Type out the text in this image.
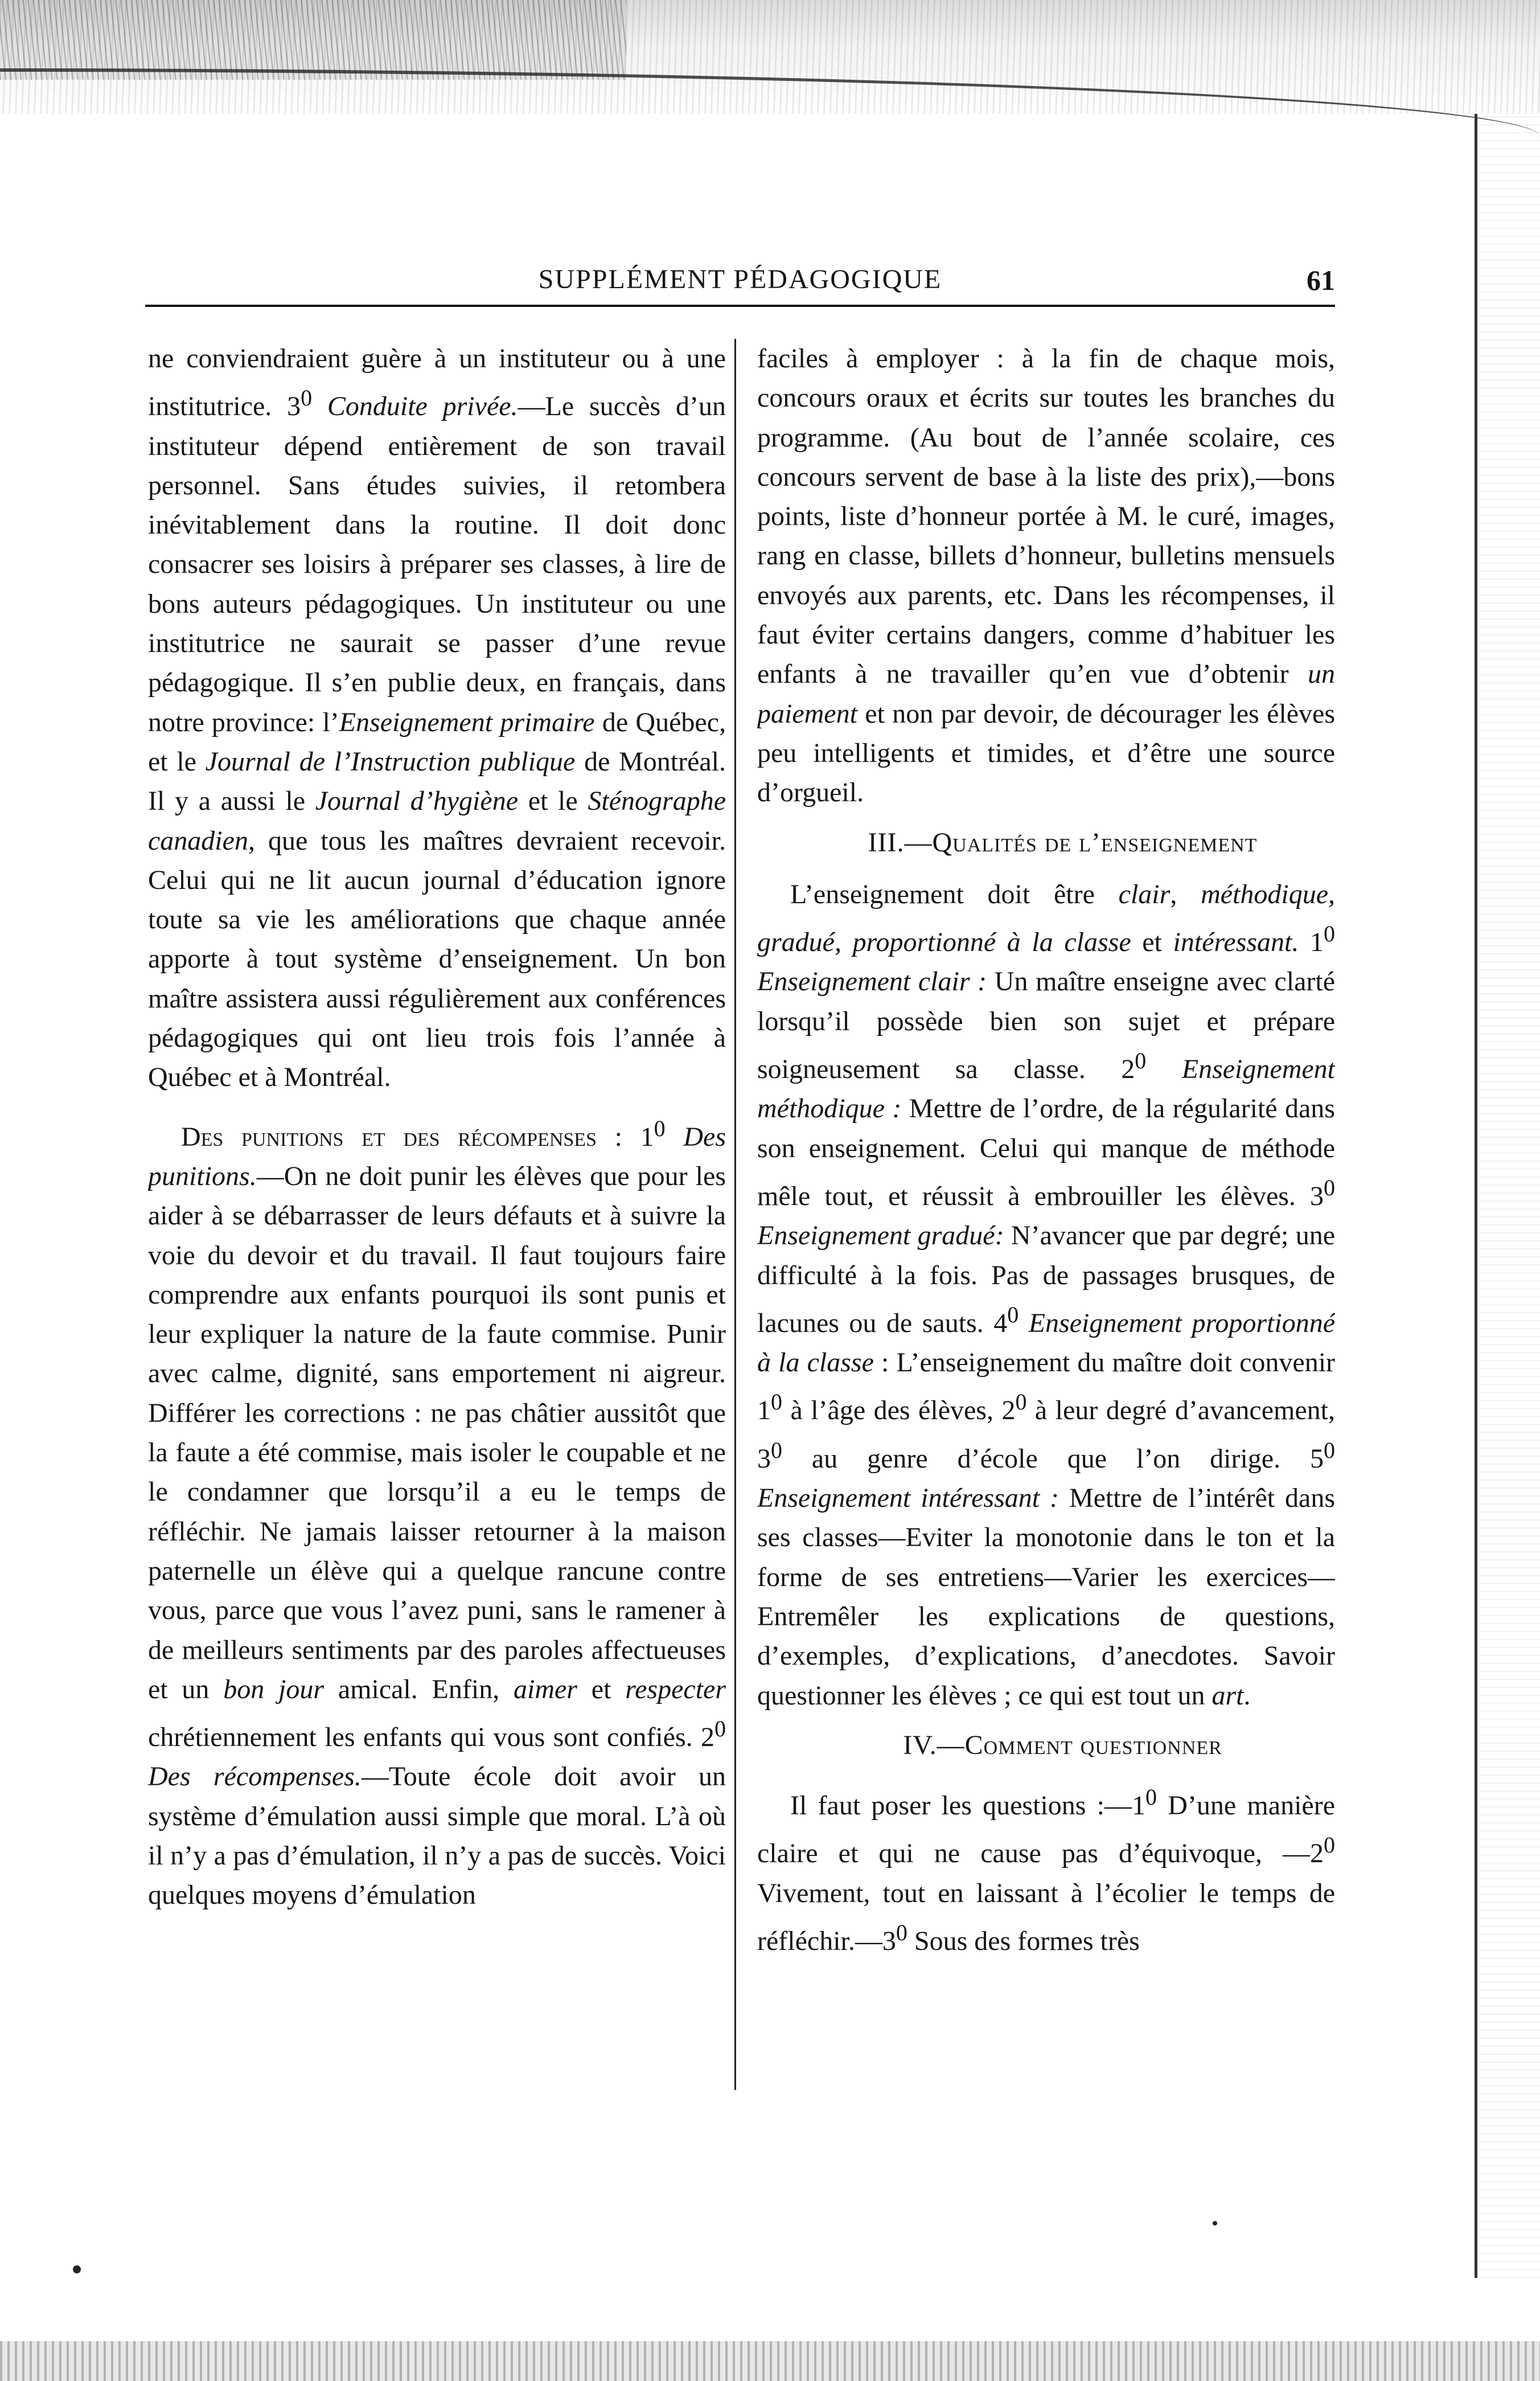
SUPPLÉMENT PÉDAGOGIQUE	61

ne conviendraient guère à un instituteur ou à une institutrice. $3^0$ Conduite privée.—Le succès d’un instituteur dépend entièrement de son travail personnel. Sans études suivies, il retombera inévitablement dans la routine. Il doit donc consacrer ses loisirs à préparer ses classes, à lire de bons auteurs pédagogiques. Un instituteur ou une institutrice ne saurait se passer d’une revue pédagogique. Il s’en publie deux, en français, dans notre province: l’Enseignement primaire de Québec, et le Journal de l’Instruction publique de Montréal. Il y a aussi le Journal d’hygiène et le Sténographe canadien, que tous les maîtres devraient recevoir. Celui qui ne lit aucun journal d’éducation ignore toute sa vie les améliorations que chaque année apporte à tout système d’enseignement. Un bon maître assistera aussi régulièrement aux conférences pédagogiques qui ont lieu trois fois l’année à Québec et à Montréal.

Des punitions et des récompenses : $1^0$ Des punitions.—On ne doit punir les élèves que pour les aider à se débarrasser de leurs défauts et à suivre la voie du devoir et du travail. Il faut toujours faire comprendre aux enfants pourquoi ils sont punis et leur expliquer la nature de la faute commise. Punir avec calme, dignité, sans emportement ni aigreur. Différer les corrections : ne pas châtier aussitôt que la faute a été commise, mais isoler le coupable et ne le condamner que lorsqu’il a eu le temps de réfléchir. Ne jamais laisser retourner à la maison paternelle un élève qui a quelque rancune contre vous, parce que vous l’avez puni, sans le ramener à de meilleurs sentiments par des paroles affectueuses et un bon jour amical. Enfin, aimer et respecter chrétiennement les enfants qui vous sont confiés. $2^0$ Des récompenses.—Toute école doit avoir un système d’émulation aussi simple que moral. L’à où il n’y a pas d’émulation, il n’y a pas de succès. Voici quelques moyens d’émulation

faciles à employer : à la fin de chaque mois, concours oraux et écrits sur toutes les branches du programme. (Au bout de l’année scolaire, ces concours servent de base à la liste des prix),—bons points, liste d’honneur portée à M. le curé, images, rang en classe, billets d’honneur, bulletins mensuels envoyés aux parents, etc. Dans les récompenses, il faut éviter certains dangers, comme d’habituer les enfants à ne travailler qu’en vue d’obtenir un paiement et non par devoir, de décourager les élèves peu intelligents et timides, et d’être une source d’orgueil.

III.—Qualités de l’enseignement

L’enseignement doit être clair, méthodique, gradué, proportionné à la classe et intéressant. $1^0$ Enseignement clair : Un maître enseigne avec clarté lorsqu’il possède bien son sujet et prépare soigneusement sa classe. $2^0$ Enseignement méthodique : Mettre de l’ordre, de la régularité dans son enseignement. Celui qui manque de méthode mêle tout, et réussit à embrouiller les élèves. $3^0$ Enseignement gradué: N’avancer que par degré; une difficulté à la fois. Pas de passages brusques, de lacunes ou de sauts. $4^0$ Enseignement proportionné à la classe : L’enseignement du maître doit convenir $1^0$ à l’âge des élèves, $2^0$ à leur degré d’avancement, $3^0$ au genre d’école que l’on dirige. $5^0$ Enseignement intéressant : Mettre de l’intérêt dans ses classes—Eviter la monotonie dans le ton et la forme de ses entretiens—Varier les exercices—Entremêler les explications de questions, d’exemples, d’explications, d’anecdotes. Savoir questionner les élèves ; ce qui est tout un art.

IV.—Comment questionner

Il faut poser les questions $:—1^0$ D’une manière claire et qui ne cause pas d’équivoque, $—2^0$ Vivement, tout en laissant à l’écolier le temps de $réfléchir.—3^0$ Sous des formes très
